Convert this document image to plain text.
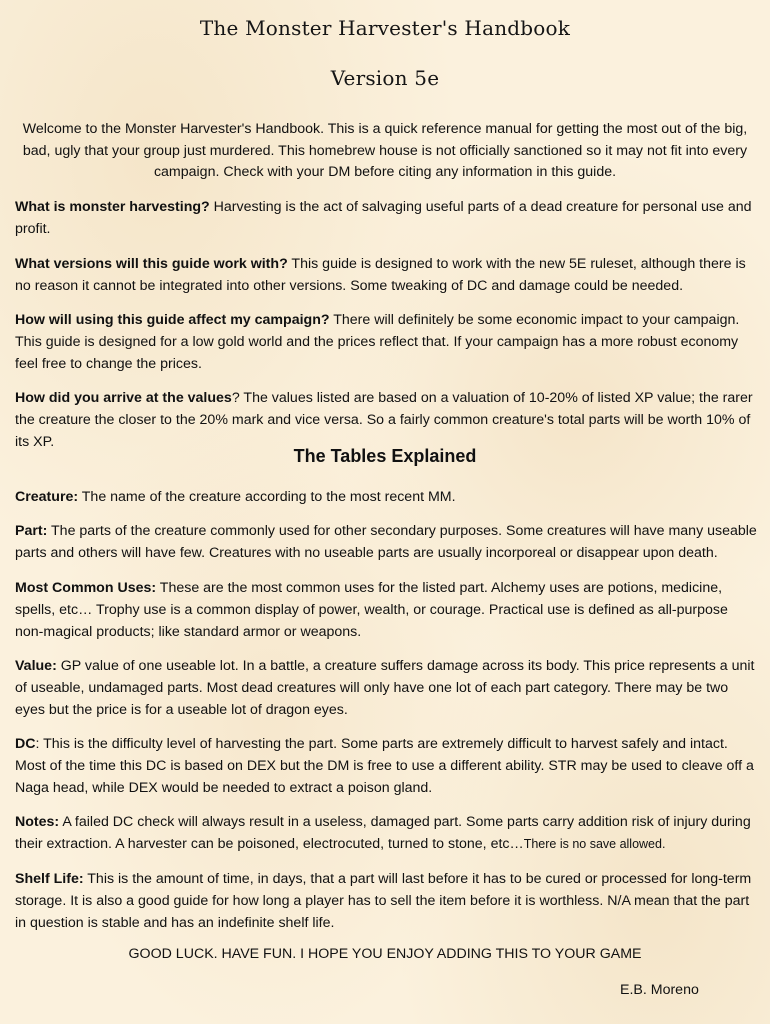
The Monster Harvester's Handbook
Version 5e

Welcome to the Monster Harvester's Handbook. This is a quick reference manual for getting the most out of the big, bad, ugly that your group just murdered. This homebrew house is not officially sanctioned so it may not fit into every campaign. Check with your DM before citing any information in this guide.

What is monster harvesting? Harvesting is the act of salvaging useful parts of a dead creature for personal use and profit.

What versions will this guide work with? This guide is designed to work with the new 5E ruleset, although there is no reason it cannot be integrated into other versions. Some tweaking of DC and damage could be needed.

How will using this guide affect my campaign? There will definitely be some economic impact to your campaign. This guide is designed for a low gold world and the prices reflect that. If your campaign has a more robust economy feel free to change the prices.

How did you arrive at the values? The values listed are based on a valuation of 10-20% of listed XP value; the rarer the creature the closer to the 20% mark and vice versa. So a fairly common creature's total parts will be worth 10% of its XP.

The Tables Explained

Creature: The name of the creature according to the most recent MM.

Part: The parts of the creature commonly used for other secondary purposes. Some creatures will have many useable parts and others will have few. Creatures with no useable parts are usually incorporeal or disappear upon death.

Most Common Uses: These are the most common uses for the listed part. Alchemy uses are potions, medicine, spells, etc… Trophy use is a common display of power, wealth, or courage. Practical use is defined as all-purpose non-magical products; like standard armor or weapons.

Value: GP value of one useable lot. In a battle, a creature suffers damage across its body. This price represents a unit of useable, undamaged parts. Most dead creatures will only have one lot of each part category. There may be two eyes but the price is for a useable lot of dragon eyes.

DC: This is the difficulty level of harvesting the part. Some parts are extremely difficult to harvest safely and intact. Most of the time this DC is based on DEX but the DM is free to use a different ability. STR may be used to cleave off a Naga head, while DEX would be needed to extract a poison gland.

Notes: A failed DC check will always result in a useless, damaged part. Some parts carry addition risk of injury during their extraction. A harvester can be poisoned, electrocuted, turned to stone, etc…There is no save allowed.

Shelf Life: This is the amount of time, in days, that a part will last before it has to be cured or processed for long-term storage. It is also a good guide for how long a player has to sell the item before it is worthless. N/A mean that the part in question is stable and has an indefinite shelf life.

GOOD LUCK. HAVE FUN. I HOPE YOU ENJOY ADDING THIS TO YOUR GAME

E.B. Moreno
